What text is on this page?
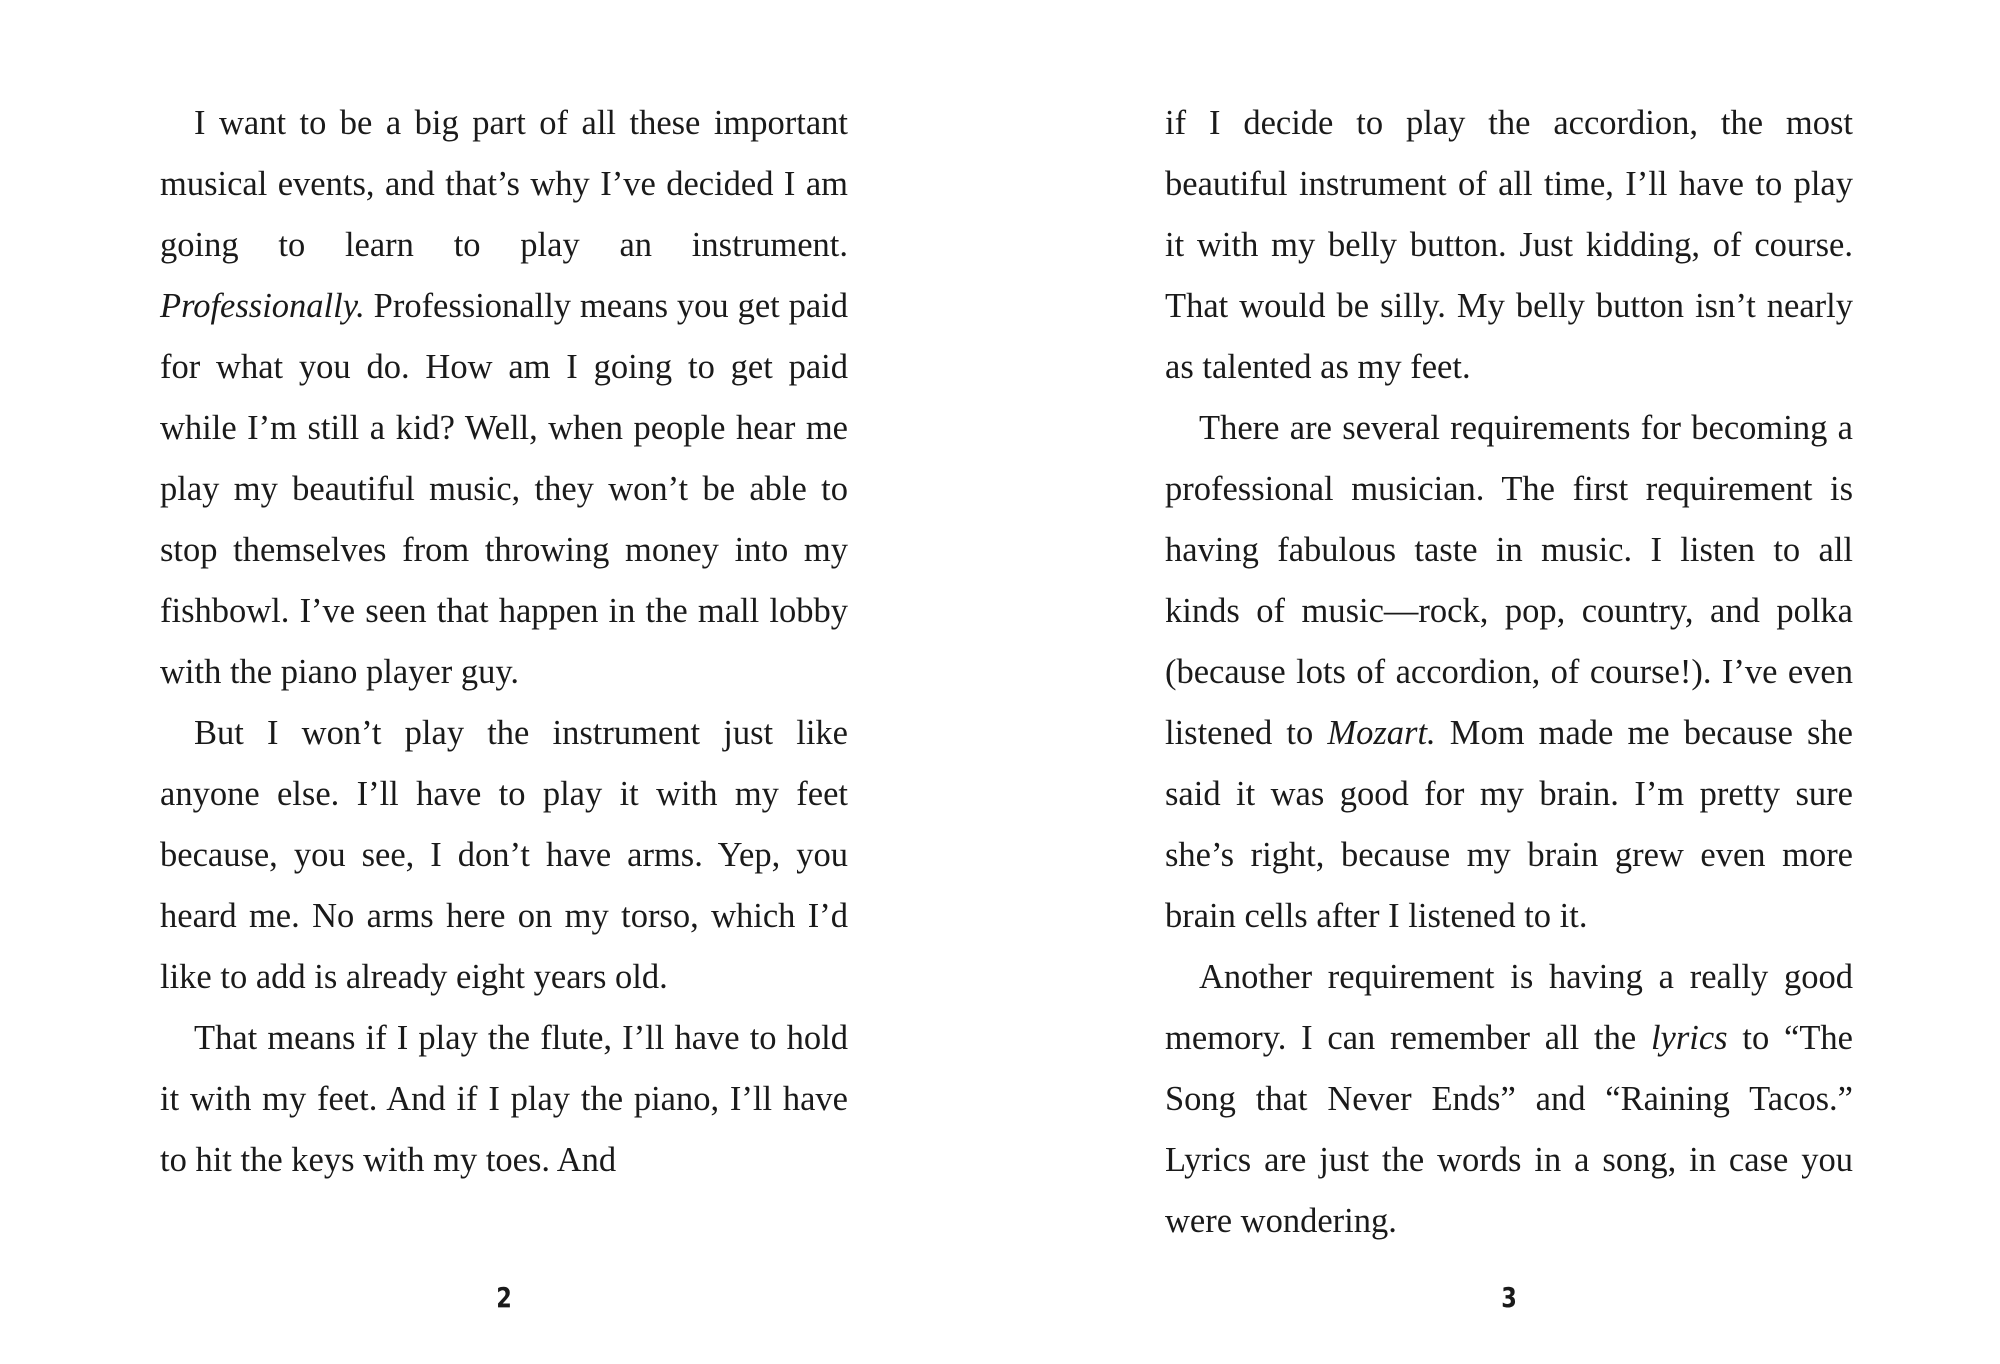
I want to be a big part of all these important musical events, and that’s why I’ve decided I am going to learn to play an instrument. Professionally. Professionally means you get paid for what you do. How am I going to get paid while I’m still a kid? Well, when people hear me play my beautiful music, they won’t be able to stop themselves from throwing money into my fishbowl. I’ve seen that happen in the mall lobby with the piano player guy.

But I won’t play the instrument just like anyone else. I’ll have to play it with my feet because, you see, I don’t have arms. Yep, you heard me. No arms here on my torso, which I’d like to add is already eight years old.

That means if I play the flute, I’ll have to hold it with my feet. And if I play the piano, I’ll have to hit the keys with my toes. And

2

if I decide to play the accordion, the most beautiful instrument of all time, I’ll have to play it with my belly button. Just kidding, of course. That would be silly. My belly button isn’t nearly as talented as my feet.

There are several requirements for becoming a professional musician. The first requirement is having fabulous taste in music. I listen to all kinds of music—rock, pop, country, and polka (because lots of accordion, of course!). I’ve even listened to Mozart. Mom made me because she said it was good for my brain. I’m pretty sure she’s right, because my brain grew even more brain cells after I listened to it.

Another requirement is having a really good memory. I can remember all the lyrics to “The Song that Never Ends” and “Raining Tacos.” Lyrics are just the words in a song, in case you were wondering.

3
